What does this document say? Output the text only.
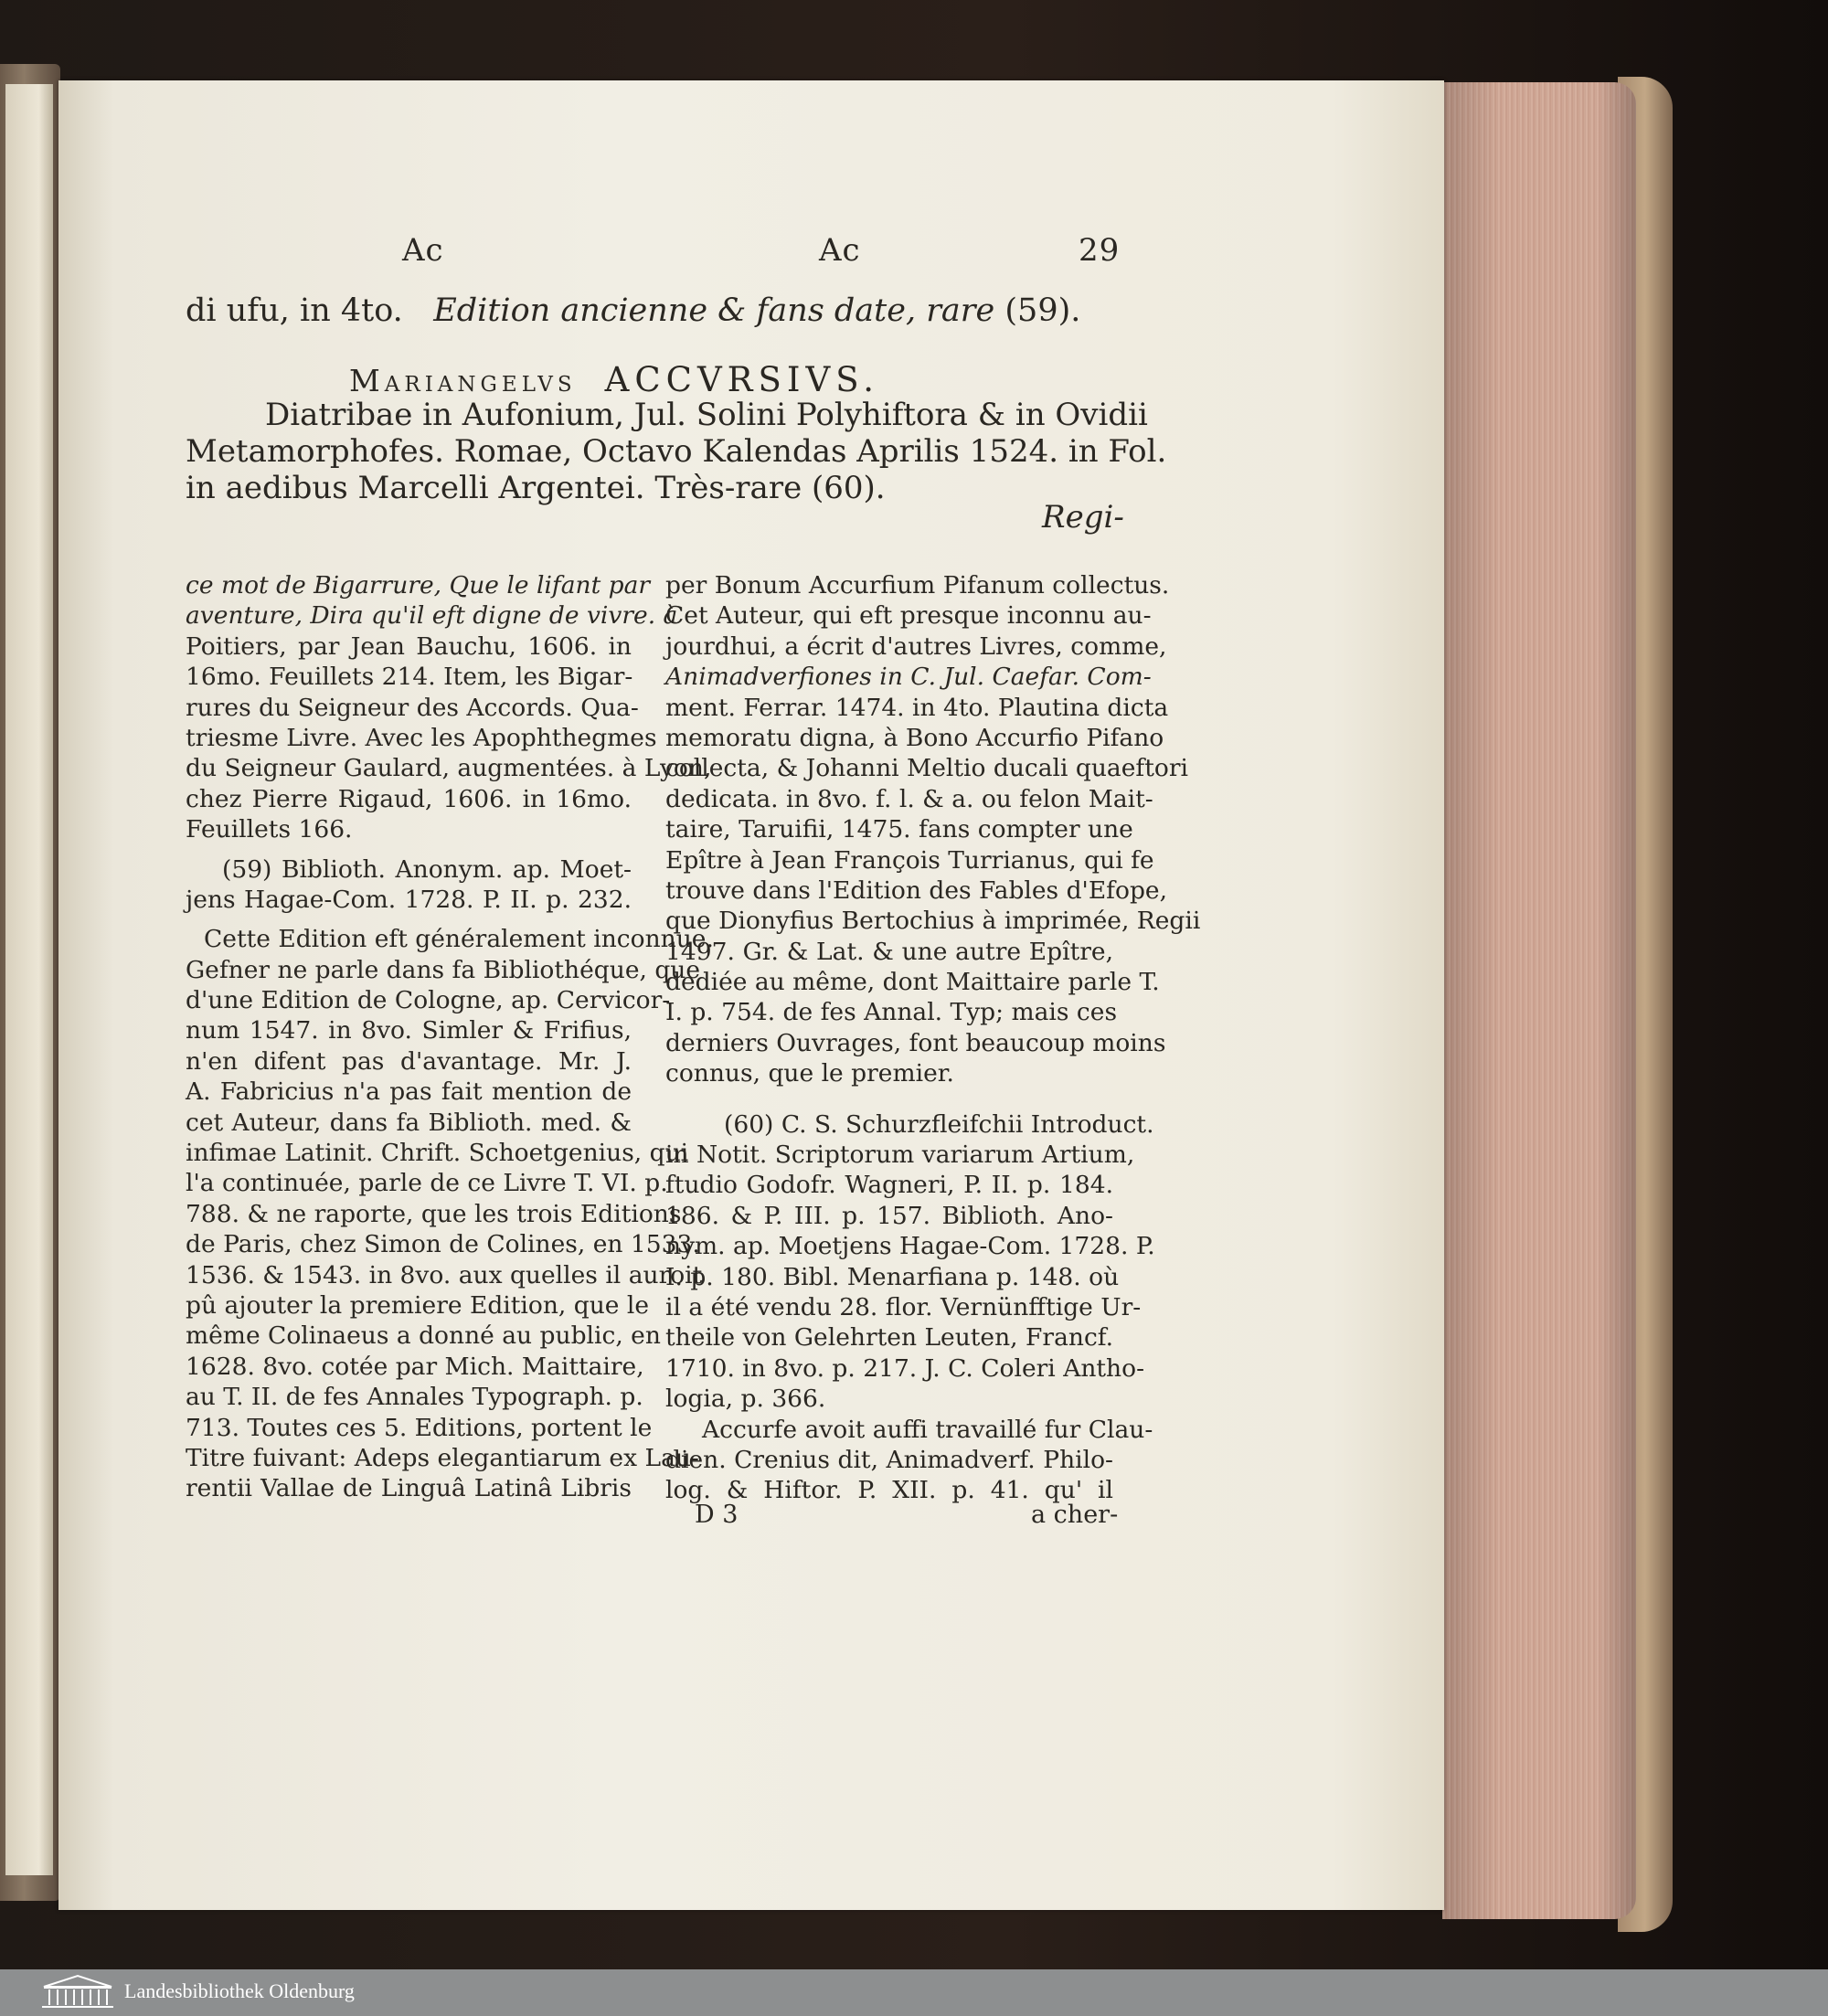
Ac	Ac	29
di ufu, in 4to. Edition ancienne & fans date, rare (59).
Mariangelvs ACCVRSIVS.
Diatribae in Aufonium, Jul. Solini Polyhiftora & in Ovidii
Metamorphofes. Romae, Octavo Kalendas Aprilis 1524. in Fol.
in aedibus Marcelli Argentei. Très-rare (60).
Regi-
ce mot de Bigarrure, Que le lifant par
aventure, Dira qu'il eft digne de vivre. à
Poitiers, par Jean Bauchu, 1606. in
16mo. Feuillets 214. Item, les Bigar-
rures du Seigneur des Accords. Qua-
triesme Livre. Avec les Apophthegmes
du Seigneur Gaulard, augmentées. à Lyon,
chez Pierre Rigaud, 1606. in 16mo.
Feuillets 166.
(59) Biblioth. Anonym. ap. Moet-
jens Hagae-Com. 1728. P. II. p. 232.
Cette Edition eft généralement inconnue.
Gefner ne parle dans fa Bibliothéque, que
d'une Edition de Cologne, ap. Cervicor-
num 1547. in 8vo. Simler & Frifius,
n'en difent pas d'avantage. Mr. J.
A. Fabricius n'a pas fait mention de
cet Auteur, dans fa Biblioth. med. &
infimae Latinit. Chrift. Schoetgenius, qui
l'a continuée, parle de ce Livre T. VI. p.
788. & ne raporte, que les trois Editions
de Paris, chez Simon de Colines, en 1533.
1536. & 1543. in 8vo. aux quelles il auroit
pû ajouter la premiere Edition, que le
même Colinaeus a donné au public, en
1628. 8vo. cotée par Mich. Maittaire,
au T. II. de fes Annales Typograph. p.
713. Toutes ces 5. Editions, portent le
Titre fuivant: Adeps elegantiarum ex Lau-
rentii Vallae de Linguâ Latinâ Libris
per Bonum Accurfium Pifanum collectus.
Cet Auteur, qui eft presque inconnu au-
jourdhui, a écrit d'autres Livres, comme,
Animadverfiones in C. Jul. Caefar. Com-
ment. Ferrar. 1474. in 4to. Plautina dicta
memoratu digna, à Bono Accurfio Pifano
collecta, & Johanni Meltio ducali quaeftori
dedicata. in 8vo. f. l. & a. ou felon Mait-
taire, Taruifii, 1475. fans compter une
Epître à Jean François Turrianus, qui fe
trouve dans l'Edition des Fables d'Efope,
que Dionyfius Bertochius à imprimée, Regii
1497. Gr. & Lat. & une autre Epître,
dediée au même, dont Maittaire parle T.
I. p. 754. de fes Annal. Typ; mais ces
derniers Ouvrages, font beaucoup moins
connus, que le premier.
(60) C. S. Schurzfleifchii Introduct.
in Notit. Scriptorum variarum Artium,
ftudio Godofr. Wagneri, P. II. p. 184.
186. & P. III. p. 157. Biblioth. Ano-
nym. ap. Moetjens Hagae-Com. 1728. P.
I. p. 180. Bibl. Menarfiana p. 148. où
il a été vendu 28. flor. Vernünfftige Ur-
theile von Gelehrten Leuten, Francf.
1710. in 8vo. p. 217. J. C. Coleri Antho-
logia, p. 366.
Accurfe avoit auffi travaillé fur Clau-
dien. Crenius dit, Animadverf. Philo-
log. & Hiftor. P. XII. p. 41. qu' il
D 3	a cher-
Landesbibliothek Oldenburg
